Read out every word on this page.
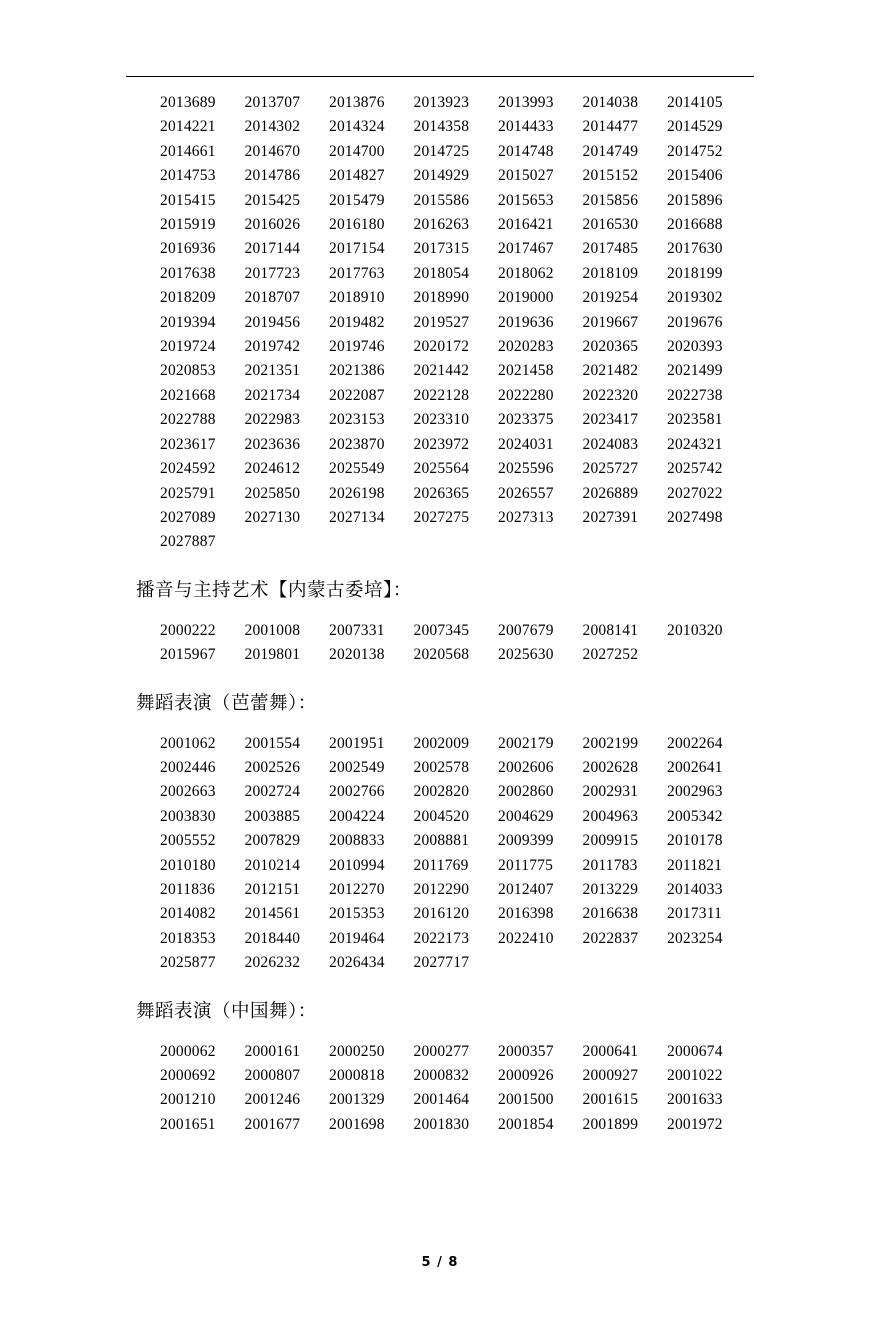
2013689	2013707	2013876	2013923	2013993	2014038	2014105
2014221	2014302	2014324	2014358	2014433	2014477	2014529
2014661	2014670	2014700	2014725	2014748	2014749	2014752
2014753	2014786	2014827	2014929	2015027	2015152	2015406
2015415	2015425	2015479	2015586	2015653	2015856	2015896
2015919	2016026	2016180	2016263	2016421	2016530	2016688
2016936	2017144	2017154	2017315	2017467	2017485	2017630
2017638	2017723	2017763	2018054	2018062	2018109	2018199
2018209	2018707	2018910	2018990	2019000	2019254	2019302
2019394	2019456	2019482	2019527	2019636	2019667	2019676
2019724	2019742	2019746	2020172	2020283	2020365	2020393
2020853	2021351	2021386	2021442	2021458	2021482	2021499
2021668	2021734	2022087	2022128	2022280	2022320	2022738
2022788	2022983	2023153	2023310	2023375	2023417	2023581
2023617	2023636	2023870	2023972	2024031	2024083	2024321
2024592	2024612	2025549	2025564	2025596	2025727	2025742
2025791	2025850	2026198	2026365	2026557	2026889	2027022
2027089	2027130	2027134	2027275	2027313	2027391	2027498
2027887
播音与主持艺术【内蒙古委培】：
2000222	2001008	2007331	2007345	2007679	2008141	2010320
2015967	2019801	2020138	2020568	2025630	2027252
舞蹈表演（芭蕾舞）：
2001062	2001554	2001951	2002009	2002179	2002199	2002264
2002446	2002526	2002549	2002578	2002606	2002628	2002641
2002663	2002724	2002766	2002820	2002860	2002931	2002963
2003830	2003885	2004224	2004520	2004629	2004963	2005342
2005552	2007829	2008833	2008881	2009399	2009915	2010178
2010180	2010214	2010994	2011769	2011775	2011783	2011821
2011836	2012151	2012270	2012290	2012407	2013229	2014033
2014082	2014561	2015353	2016120	2016398	2016638	2017311
2018353	2018440	2019464	2022173	2022410	2022837	2023254
2025877	2026232	2026434	2027717
舞蹈表演（中国舞）：
2000062	2000161	2000250	2000277	2000357	2000641	2000674
2000692	2000807	2000818	2000832	2000926	2000927	2001022
2001210	2001246	2001329	2001464	2001500	2001615	2001633
2001651	2001677	2001698	2001830	2001854	2001899	2001972
5 / 8
